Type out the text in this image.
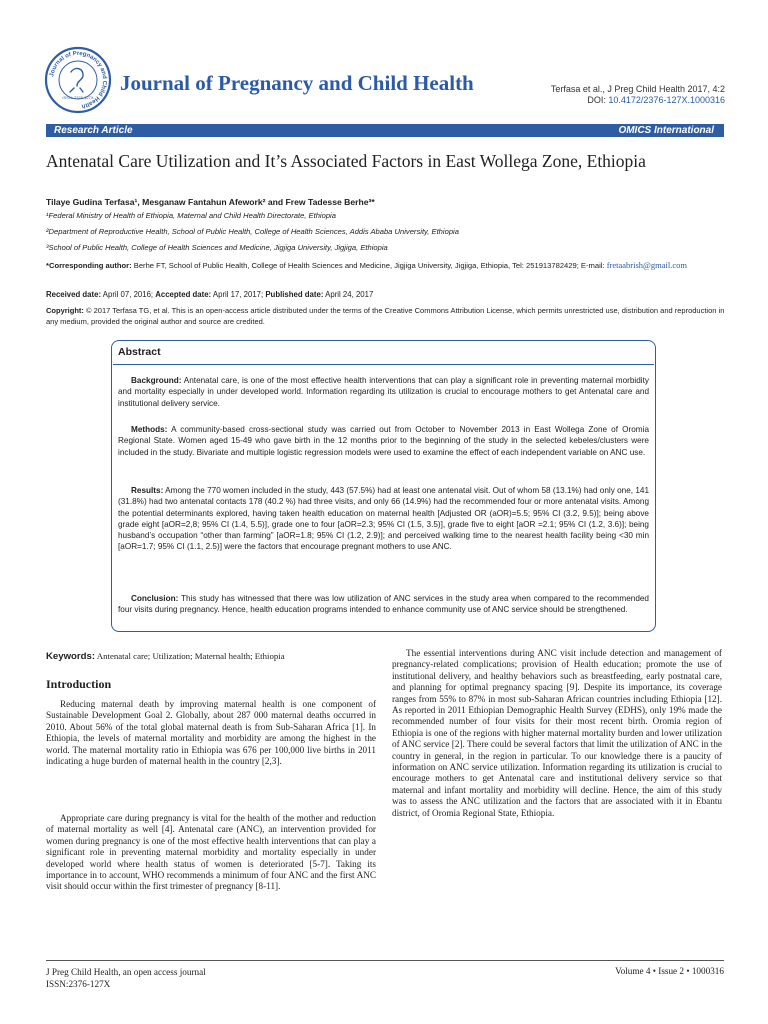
Journal of Pregnancy and Child Health
ISSN: 2376-127X
Journal of Pregnancy and Child Health	Terfasa et al., J Preg Child Health 2017, 4:2
DOI: 10.4172/2376-127X.1000316
Research Article	OMICS International
Antenatal Care Utilization and It’s Associated Factors in East Wollega Zone, Ethiopia
Tilaye Gudina Terfasa¹, Mesganaw Fantahun Afework² and Frew Tadesse Berhe³*
¹Federal Ministry of Health of Ethiopia, Maternal and Child Health Directorate, Ethiopia
²Department of Reproductive Health, School of Public Health, College of Health Sciences, Addis Ababa University, Ethiopia
³School of Public Health, College of Health Sciences and Medicine, Jigjiga University, Jigjiga, Ethiopia
*Corresponding author: Berhe FT, School of Public Health, College of Health Sciences and Medicine, Jigjiga University, Jigjiga, Ethiopia, Tel: 251913782429; E-mail: fretaabrish@gmail.com
Received date: April 07, 2016; Accepted date: April 17, 2017; Published date: April 24, 2017
Copyright: © 2017 Terfasa TG, et al. This is an open-access article distributed under the terms of the Creative Commons Attribution License, which permits unrestricted use, distribution and reproduction in any medium, provided the original author and source are credited.
Abstract

Background: Antenatal care, is one of the most effective health interventions that can play a significant role in preventing maternal morbidity and mortality especially in under developed world. Information regarding its utilization is crucial to encourage mothers to get Antenatal care and institutional delivery service.

Methods: A community-based cross-sectional study was carried out from October to November 2013 in East Wollega Zone of Oromia Regional State. Women aged 15-49 who gave birth in the 12 months prior to the beginning of the study in the selected kebeles/clusters were included in the study. Bivariate and multiple logistic regression models were used to examine the effect of each independent variable on ANC use.

Results: Among the 770 women included in the study, 443 (57.5%) had at least one antenatal visit. Out of whom 58 (13.1%) had only one, 141 (31.8%) had two antenatal contacts 178 (40.2 %) had three visits, and only 66 (14.9%) had the recommended four or more antenatal visits. Among the potential determinants explored, having taken health education on maternal health [Adjusted OR (aOR)=5.5; 95% CI (3.2, 9.5)]; being above grade eight [aOR=2,8; 95% CI (1.4, 5.5)], grade one to four [aOR=2.3; 95% CI (1.5, 3.5)], grade five to eight [aOR =2.1; 95% CI (1.2, 3.6)]; being husband’s occupation “other than farming” [aOR=1.8; 95% CI (1.2, 2.9)]; and perceived walking time to the nearest health facility being <30 min [aOR=1.7; 95% CI (1.1, 2.5)] were the factors that encourage pregnant mothers to use ANC.

Conclusion: This study has witnessed that there was low utilization of ANC services in the study area when compared to the recommended four visits during pregnancy. Hence, health education programs intended to enhance community use of ANC service should be strengthened.

Keywords: Antenatal care; Utilization; Maternal health; Ethiopia
Introduction

Reducing maternal death by improving maternal health is one component of Sustainable Development Goal 2. Globally, about 287 000 maternal deaths occurred in 2010. About 56% of the total global maternal death is from Sub-Saharan Africa [1]. In Ethiopia, the levels of maternal mortality and morbidity are among the highest in the world. The maternal mortality ratio in Ethiopia was 676 per 100,000 live births in 2011 indicating a huge burden of maternal health in the country [2,3].

Appropriate care during pregnancy is vital for the health of the mother and reduction of maternal mortality as well [4]. Antenatal care (ANC), an intervention provided for women during pregnancy is one of the most effective health interventions that can play a significant role in preventing maternal morbidity and mortality especially in under developed world where health status of women is deteriorated [5-7]. Taking its importance in to account, WHO recommends a minimum of four ANC and the first ANC visit should occur within the first trimester of pregnancy [8-11].

The essential interventions during ANC visit include detection and management of pregnancy-related complications; provision of Health education; promote the use of institutional delivery, and healthy behaviors such as breastfeeding, early postnatal care, and planning for optimal pregnancy spacing [9]. Despite its importance, its coverage ranges from 55% to 87% in most sub-Saharan African countries including Ethiopia [12]. As reported in 2011 Ethiopian Demographic Health Survey (EDHS), only 19% made the recommended number of four visits for their most recent birth. Oromia region of Ethiopia is one of the regions with higher maternal mortality burden and lower utilization of ANC service [2]. There could be several factors that limit the utilization of ANC in the country in general, in the region in particular. To our knowledge there is a paucity of information on ANC service utilization. Information regarding its utilization is crucial to encourage mothers to get Antenatal care and institutional delivery service so that maternal and infant mortality and morbidity will decline. Hence, the aim of this study was to assess the ANC utilization and the factors that are associated with it in Ebantu district, of Oromia Regional State, Ethiopia.

J Preg Child Health, an open access journal
ISSN:2376-127X
Volume 4 • Issue 2 • 1000316
